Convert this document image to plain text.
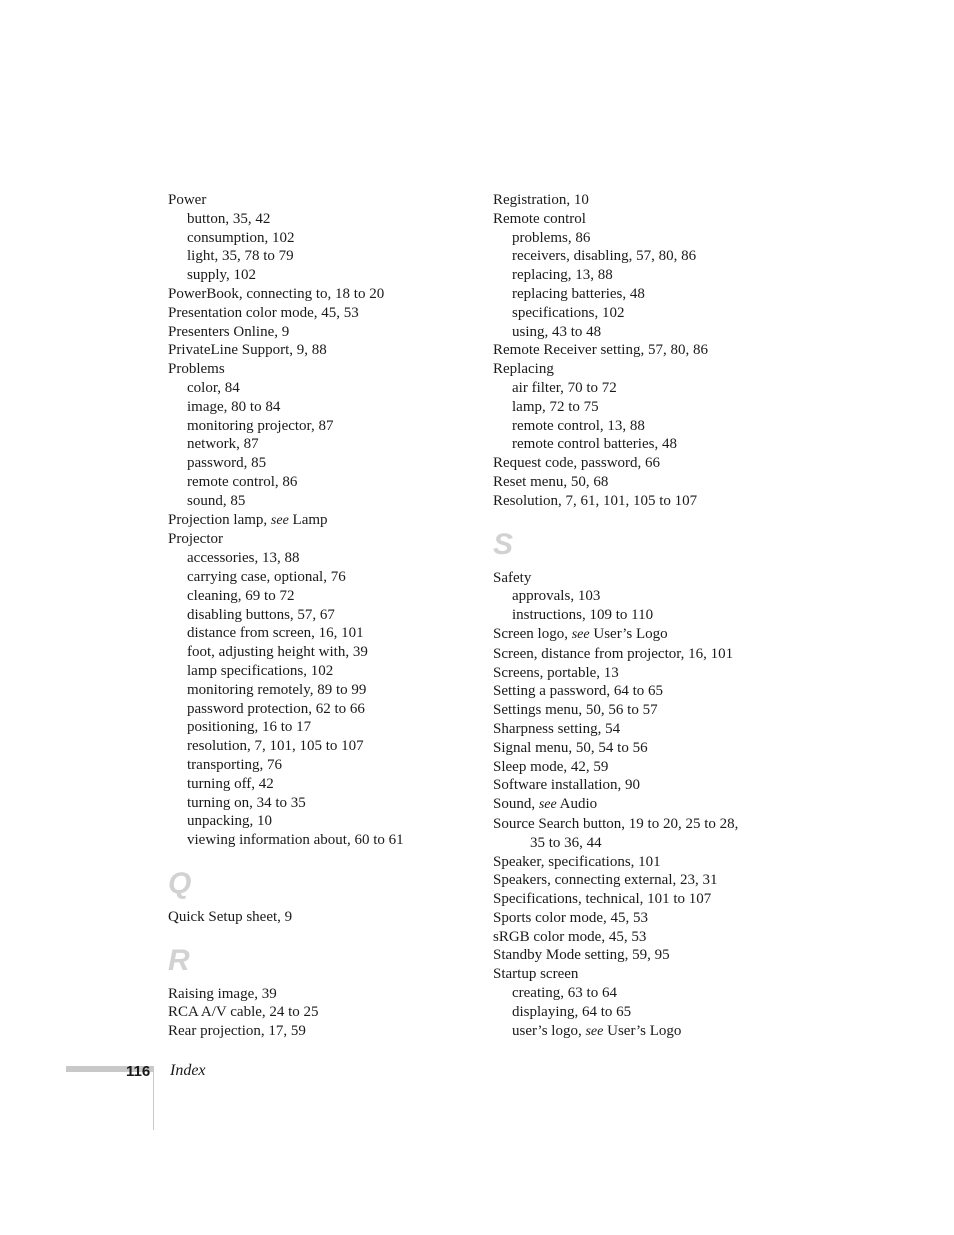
Power
button, 35, 42
consumption, 102
light, 35, 78 to 79
supply, 102
PowerBook, connecting to, 18 to 20
Presentation color mode, 45, 53
Presenters Online, 9
PrivateLine Support, 9, 88
Problems
color, 84
image, 80 to 84
monitoring projector, 87
network, 87
password, 85
remote control, 86
sound, 85
Projection lamp, see Lamp
Projector
accessories, 13, 88
carrying case, optional, 76
cleaning, 69 to 72
disabling buttons, 57, 67
distance from screen, 16, 101
foot, adjusting height with, 39
lamp specifications, 102
monitoring remotely, 89 to 99
password protection, 62 to 66
positioning, 16 to 17
resolution, 7, 101, 105 to 107
transporting, 76
turning off, 42
turning on, 34 to 35
unpacking, 10
viewing information about, 60 to 61
Q
Quick Setup sheet, 9
R
Raising image, 39
RCA A/V cable, 24 to 25
Rear projection, 17, 59
Registration, 10
Remote control
problems, 86
receivers, disabling, 57, 80, 86
replacing, 13, 88
replacing batteries, 48
specifications, 102
using, 43 to 48
Remote Receiver setting, 57, 80, 86
Replacing
air filter, 70 to 72
lamp, 72 to 75
remote control, 13, 88
remote control batteries, 48
Request code, password, 66
Reset menu, 50, 68
Resolution, 7, 61, 101, 105 to 107
S
Safety
approvals, 103
instructions, 109 to 110
Screen logo, see User’s Logo
Screen, distance from projector, 16, 101
Screens, portable, 13
Setting a password, 64 to 65
Settings menu, 50, 56 to 57
Sharpness setting, 54
Signal menu, 50, 54 to 56
Sleep mode, 42, 59
Software installation, 90
Sound, see Audio
Source Search button, 19 to 20, 25 to 28,
35 to 36, 44
Speaker, specifications, 101
Speakers, connecting external, 23, 31
Specifications, technical, 101 to 107
Sports color mode, 45, 53
sRGB color mode, 45, 53
Standby Mode setting, 59, 95
Startup screen
creating, 63 to 64
displaying, 64 to 65
user’s logo, see User’s Logo
116 Index
